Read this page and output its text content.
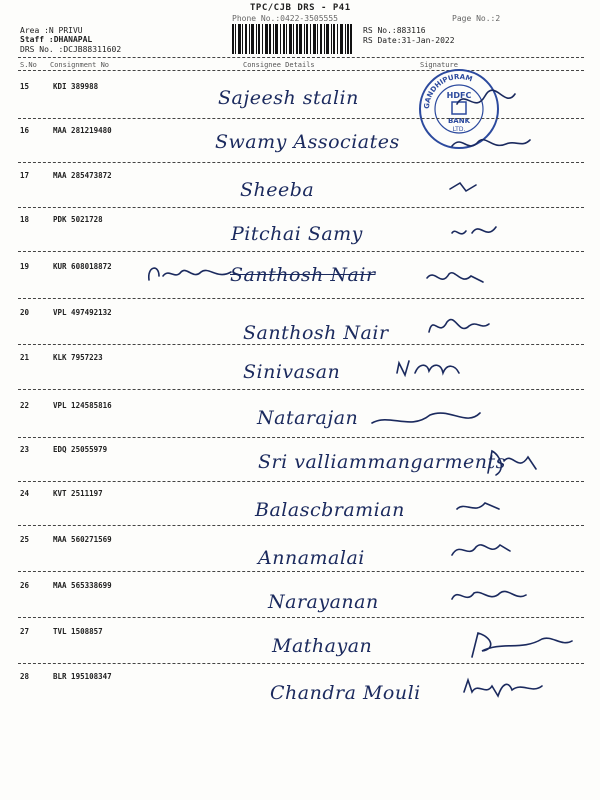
TPC/CJB DRS - P41
Phone No.:0422-3505555	Page No.:2
Area :N PRIVU
Staff :DHANAPAL
DRS No. :DCJB88311602
RS No.:883116
RS Date:31-Jan-2022
S.No Consignment No	Consignee Details	Signature
GANDHIPURAM
HDFC
BANK
LTD.
15	KDI 389988
Sajeesh stalin
16	MAA 281219480
Swamy Associates
17	MAA 285473872
Sheeba
18	PDK 5021728
Pitchai Samy
19	KUR 608018872	Santhosh Nair
20	VPL 497492132
Santhosh Nair
21	KLK 7957223
Sinivasan
22	VPL 124585816
Natarajan
23	EDQ 25055979
Sri valliammangarments
24	KVT 2511197
Balascbramian
25	MAA 560271569
Annamalai
26	MAA 565338699
Narayanan
27	TVL 1508857
Mathayan
28	BLR 195108347
Chandra Mouli
